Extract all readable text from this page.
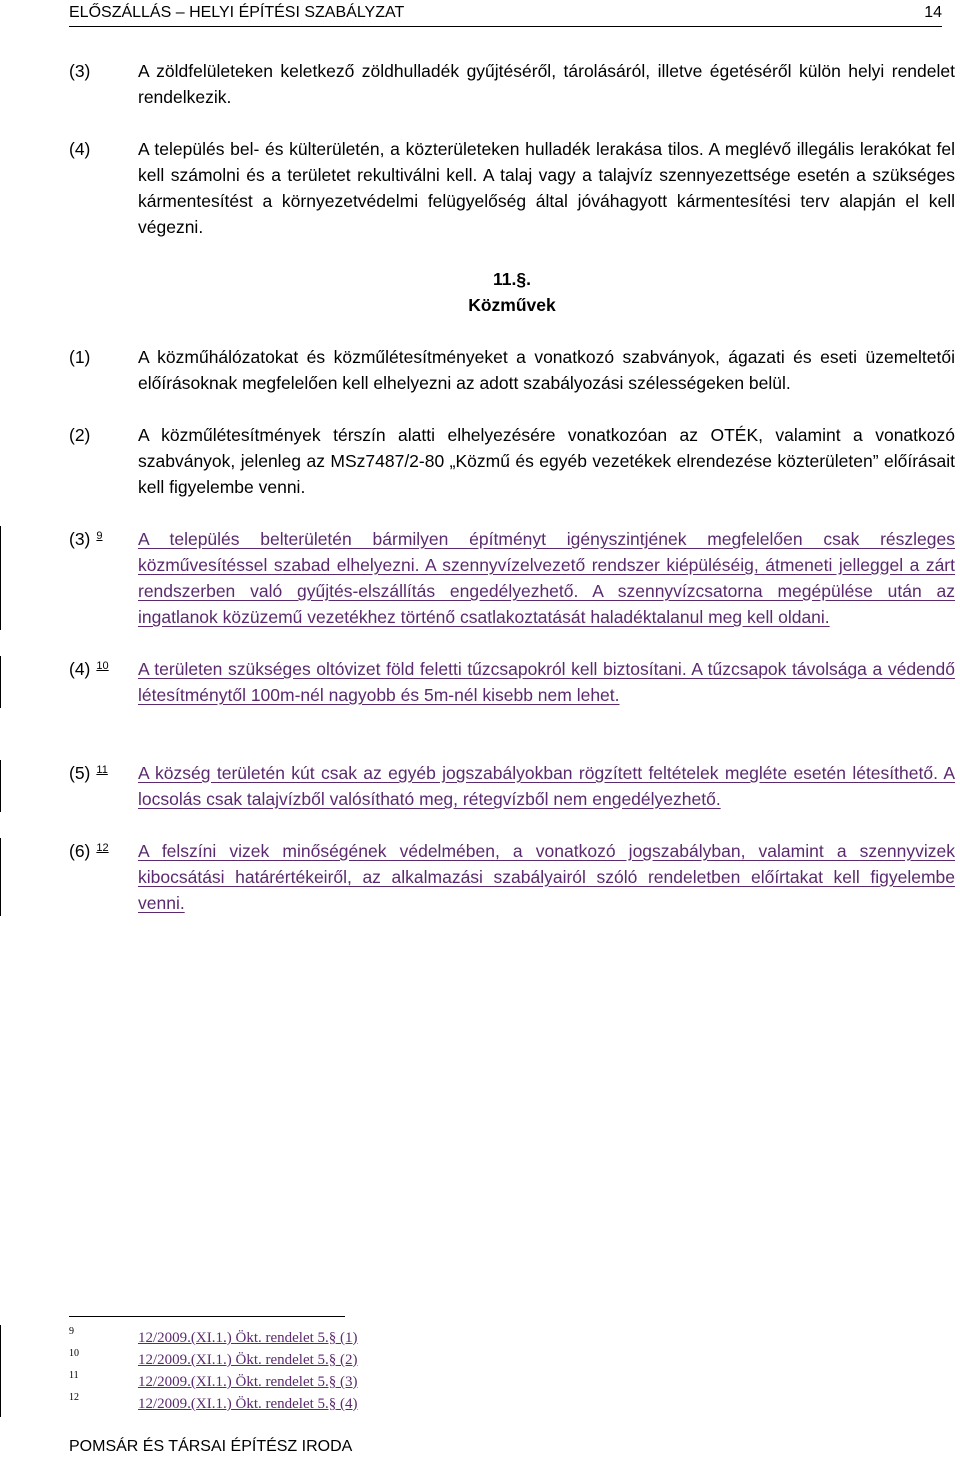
ELŐSZÁLLÁS – HELYI ÉPÍTÉSI SZABÁLYZAT	14
(3)	A zöldfelületeken keletkező zöldhulladék gyűjtéséről, tárolásáról, illetve égetéséről külön helyi rendelet rendelkezik.
(4)	A település bel- és külterületén, a közterületeken hulladék lerakása tilos. A meglévő illegális lerakókat fel kell számolni és a területet rekultiválni kell. A talaj vagy a talajvíz szennyezettsége esetén a szükséges kármentesítést a környezetvédelmi felügyelőség által jóváhagyott kármentesítési terv alapján el kell végezni.
11.§.
Közművek
(1)	A közműhálózatokat és közműlétesítményeket a vonatkozó szabványok, ágazati és eseti üzemeltetői előírásoknak megfelelően kell elhelyezni az adott szabályozási szélességeken belül.
(2)	A közműlétesítmények térszín alatti elhelyezésére vonatkozóan az OTÉK, valamint a vonatkozó szabványok, jelenleg az MSz7487/2-80 „Közmű és egyéb vezetékek elrendezése közterületen” előírásait kell figyelembe venni.
(3) $^9$	A település belterületén bármilyen építményt igényszintjének megfelelően csak részleges közművesítéssel szabad elhelyezni. A szennyvízelvezető rendszer kiépüléséig, átmeneti jelleggel a zárt rendszerben való gyűjtés-elszállítás engedélyezhető. A szennyvízcsatorna megépülése után az ingatlanok közüzemű vezetékhez történő csatlakoztatását haladéktalanul meg kell oldani.
(4) $^{10}$	A területen szükséges oltóvizet föld feletti tűzcsapokról kell biztosítani. A tűzcsapok távolsága a védendő létesítménytől 100m-nél nagyobb és 5m-nél kisebb nem lehet.
(5) $^{11}$	A község területén kút csak az egyéb jogszabályokban rögzített feltételek megléte esetén létesíthető. A locsolás csak talajvízből valósítható meg, rétegvízből nem engedélyezhető.
(6) $^{12}$	A felszíni vizek minőségének védelmében, a vonatkozó jogszabályban, valamint a szennyvizek kibocsátási határértékeiről, az alkalmazási szabályairól szóló rendeletben előírtakat kell figyelembe venni.
9	12/2009.(XI.1.) Ökt. rendelet 5.§ (1)
10	12/2009.(XI.1.) Ökt. rendelet 5.§ (2)
11	12/2009.(XI.1.) Ökt. rendelet 5.§ (3)
12	12/2009.(XI.1.) Ökt. rendelet 5.§ (4)
POMSÁR ÉS TÁRSAI ÉPÍTÉSZ IRODA
